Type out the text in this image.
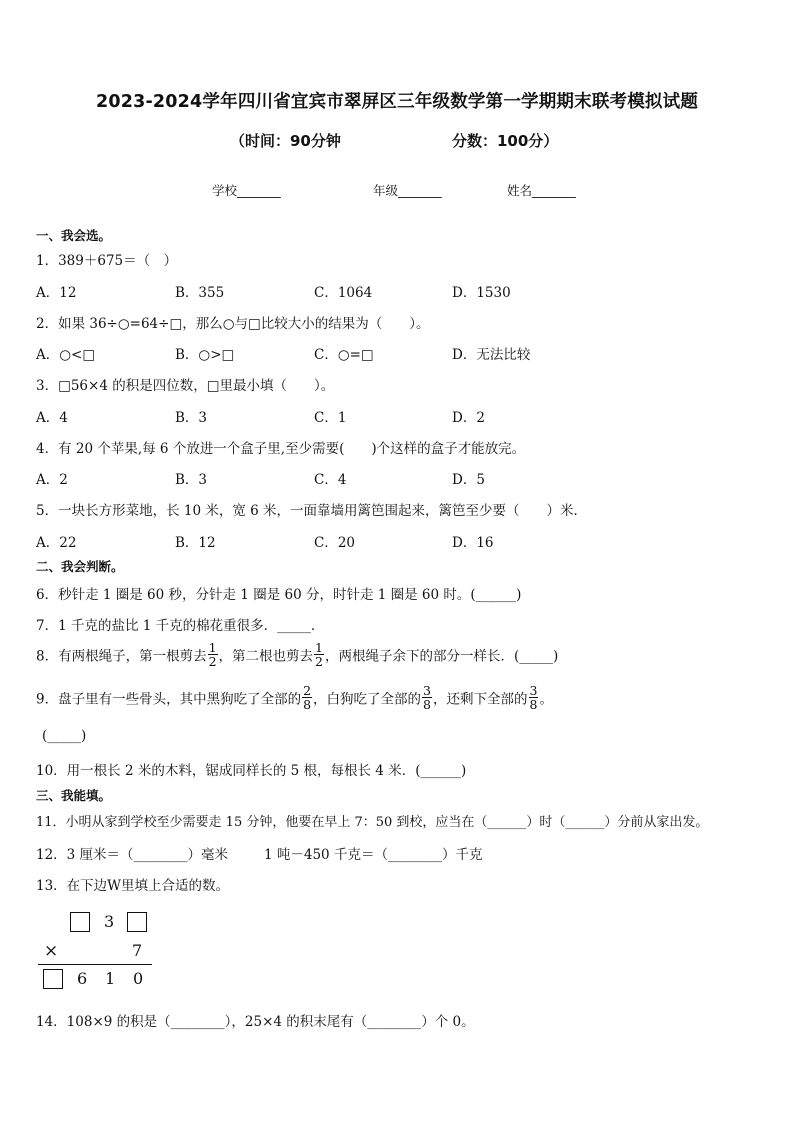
2023-2024学年四川省宜宾市翠屏区三年级数学第一学期期末联考模拟试题
（时间：90分钟	分数：100分）
学校_______	年级_______	姓名_______
一、我会选。
1．389＋675＝（　）
A．12	B．355	C．1064	D．1530
2．如果 36÷○=64÷□，那么○与□比较大小的结果为（　　）。
A．○<□	B．○>□	C．○=□	D．无法比较
3．□56×4 的积是四位数，□里最小填（　　）。
A．4	B．3	C．1	D．2
4．有 20 个苹果,每 6 个放进一个盒子里,至少需要(　　)个这样的盒子才能放完。
A．2	B．3	C．4	D．5
5．一块长方形菜地，长 10 米，宽 6 米，一面靠墙用篱笆围起来，篱笆至少要（　　）米．
A．22	B．12	C．20	D．16
二、我会判断。
6．秒针走 1 圈是 60 秒，分针走 1 圈是 60 分，时针走 1 圈是 60 时。(______)
7．1 千克的盐比 1 千克的棉花重很多．_____．
8．有两根绳子，第一根剪去 $\frac{1}{2}$ ，第二根也剪去 $\frac{1}{2}$ ，两根绳子余下的部分一样长．(_____)
9．盘子里有一些骨头，其中黑狗吃了全部的 $\frac{2}{8}$ ，白狗吃了全部的 $\frac{3}{8}$ ，还剩下全部的 $\frac{3}{8}$ 。
(_____)
10．用一根长 2 米的木料，锯成同样长的 5 根，每根长 4 米．(______)
三、我能填。
11．小明从家到学校至少需要走 15 分钟，他要在早上 7：50 到校，应当在（______）时（______）分前从家出发。
12．3 厘米＝（________）毫米	1 吨－450 千克＝（________）千克
13．在下边W里填上合适的数。
3
×	7
6 1 0
14．108×9 的积是（________），25×4 的积末尾有（________）个 0。
